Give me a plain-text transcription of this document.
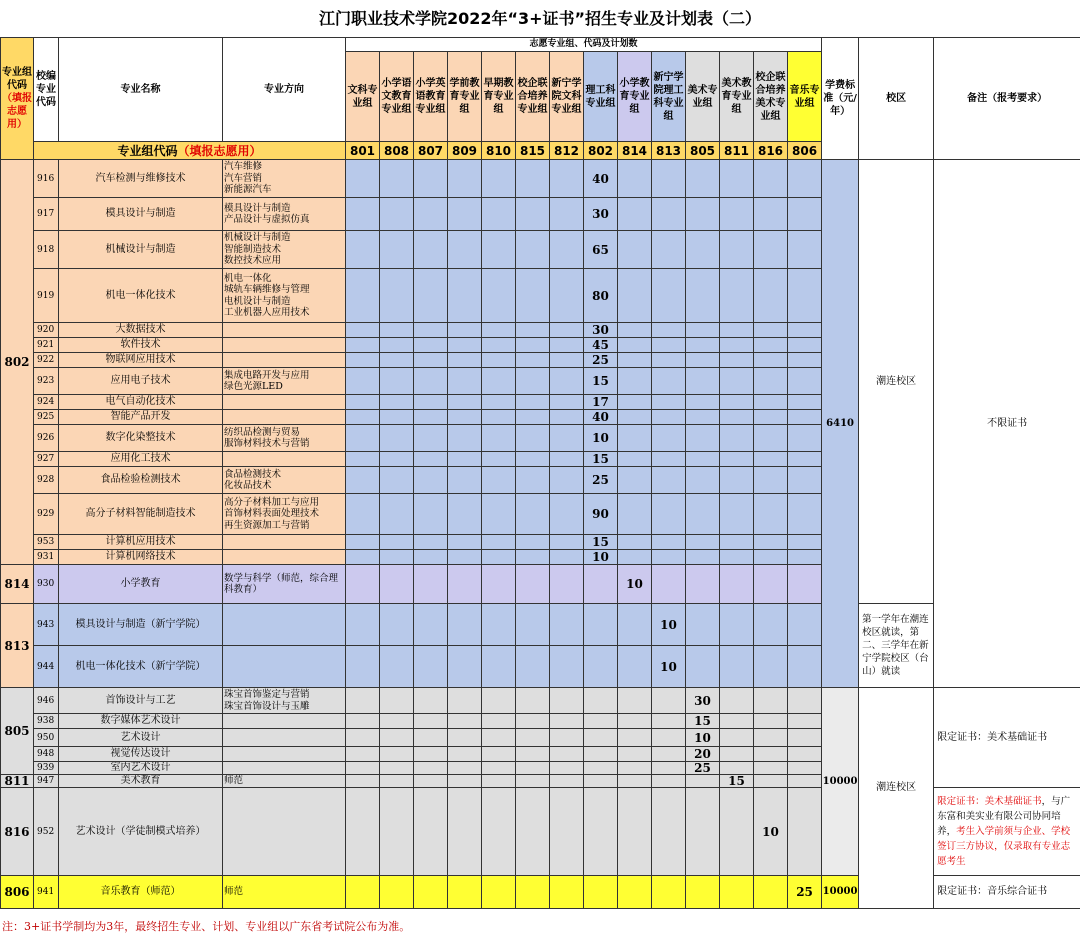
江门职业技术学院2022年“3+证书”招生专业及计划表（二）
专业组代码（填报志愿用）	校编专业代码	专业名称	专业方向	志愿专业组、代码及计划数														学费标准（元/年）	校区	备注（报考要求）
				文科专业组	小学语文教育专业组	小学英语教育专业组	学前教育专业组	早期教育专业组	校企联合培养专业组	新宁学院文科专业组	理工科专业组	小学教育专业组	新宁学院理工科专业组	美术专业组	美术教育专业组	校企联合培养美术专业组	音乐专业组			
	专业组代码（填报志愿用）			801	808	807	809	810	815	812	802	814	813	805	811	816	806			
802	916	汽车检测与维修技术	汽车维修
汽车营销
新能源汽车								40							6410	潮连校区	不限证书
	917	模具设计与制造	模具设计与制造
产品设计与虚拟仿真								30									
	918	机械设计与制造	机械设计与制造
智能制造技术
数控技术应用								65									
	919	机电一体化技术	机电一体化
城轨车辆维修与管理
电机设计与制造
工业机器人应用技术								80									
	920	大数据技术									30									
	921	软件技术									45									
	922	物联网应用技术									25									
	923	应用电子技术	集成电路开发与应用
绿色光源LED								15									
	924	电气自动化技术									17									
	925	智能产品开发									40									
	926	数字化染整技术	纺织品检测与贸易
服饰材料技术与营销								10									
	927	应用化工技术									15									
	928	食品检验检测技术	食品检测技术
化妆品技术								25									
	929	高分子材料智能制造技术	高分子材料加工与应用
首饰材料表面处理技术
再生资源加工与营销								90									
	953	计算机应用技术									15									
	931	计算机网络技术									10									
814	930	小学教育	数学与科学（师范，综合理科教育）									10								
813	943	模具设计与制造（新宁学院）											10						第一学年在潮连校区就读，第二、三学年在新宁学院校区（台山）就读	
	944	机电一体化技术（新宁学院）											10							
805	946	首饰设计与工艺	珠宝首饰鉴定与营销
珠宝首饰设计与玉雕											30				10000	潮连校区	限定证书：美术基础证书
	938	数字媒体艺术设计												15						
	950	艺术设计												10						
	948	视觉传达设计												20						
	939	室内艺术设计												25						
811	947	美术教育	师范												15					
816	952	艺术设计（学徒制模式培养）														10				限定证书：美术基础证书，与广东富和美实业有限公司协同培养，考生入学前须与企业、学校签订三方协议，仅录取有专业志愿考生
806	941	音乐教育（师范）	师范														25	10000		限定证书：音乐综合证书
注：3+证书学制均为3年，最终招生专业、计划、专业组以广东省考试院公布为准。
